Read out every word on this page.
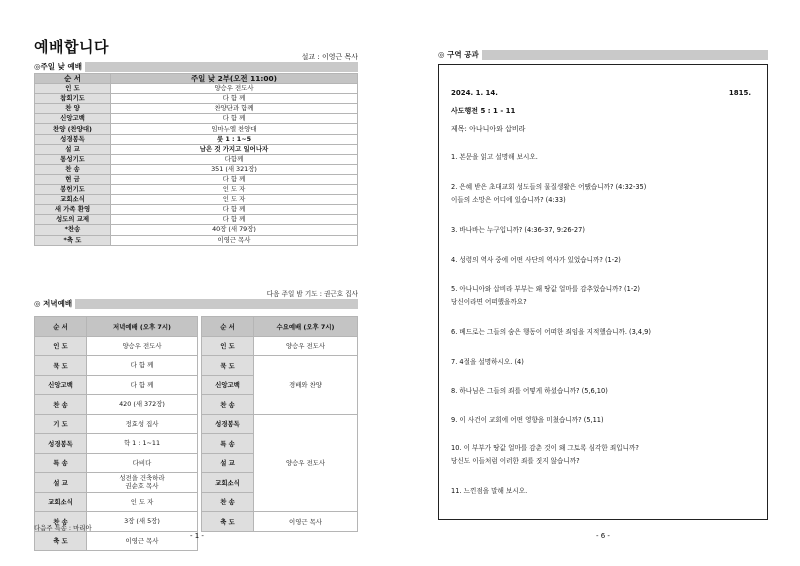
예배합니다
설교 : 이영근 목사
◎주일 낮 예배
순 서	주일 낮 2부(오전 11:00)
인 도	양승우 전도사
참회기도	다 함 께
찬 양	찬양단과 함께
신앙고백	다 함 께
찬양 (찬양대)	임마누엘 찬양대
성경봉독	룻 1 : 1~5
설 교	남은 것 가지고 일어나자
통성기도	다함께
찬 송	351 (새 321장)
현 금	다 함 께
봉헌기도	인 도 자
교회소식	인 도 자
새 가족 환영	다 함 께
성도의 교제	다 함 께
*찬송	40장 (새 79장)
*축 도	이영근 목사
다음 주일 밤 기도 : 권근호 집사
◎ 저녁예배
순 서	저녁예배 (오후 7시)
인 도	양승우 전도사
묵 도	다 함 께
신앙고백	다 함 께
찬 송	420 (새 372장)
기 도	정효성 집사
성경봉독	학 1 : 1~11
특 송	다비다
설 교	성전을 건축하라
권순호 목사
교회소식	인 도 자
찬 송	3장 (새 5장)
축 도	이영근 목사
순 서	수요예배 (오후 7시)
인 도	양승우 전도사
묵 도	경배와 찬양
신앙고백	
찬 송	
성경봉독	양승우 전도사
특 송	
설 교	
교회소식	
찬 송	
축 도	이영근 목사
다음주 특송 : 마리아
- 1 -
◎ 구역 공과
2024. 1. 14.	1815.
사도행전 5 : 1 - 11
제목: 아나니아와 삽비라
1. 본문을 읽고 설명해 보시오.
2. 은혜 받은 초대교회 성도들의 물질생활은 어땠습니까? (4:32-35)
이들의 소망은 어디에 있습니까? (4:33)
3. 바나바는 누구입니까? (4:36-37, 9:26-27)
4. 성령의 역사 중에 어떤 사단의 역사가 있었습니까? (1-2)
5. 아나니아와 삽비라 부부는 왜 땅값 얼마를 감추었습니까? (1-2)
당신이라면 어떠했을까요?
6. 베드로는 그들의 숨은 행동이 어떠한 죄임을 지적했습니까. (3,4,9)
7. 4절을 설명하시오. (4)
8. 하나님은 그들의 죄를 어떻게 하셨습니까? (5,6,10)
9. 이 사건이 교회에 어떤 영향을 미쳤습니까? (5,11)
10. 이 부부가 땅값 얼마를 감춘 것이 왜 그토록 심각한 죄입니까?
당신도 이들처럼 이러한 죄를 짓지 않습니까?
11. 느낀점을 말해 보시오.
- 6 -
